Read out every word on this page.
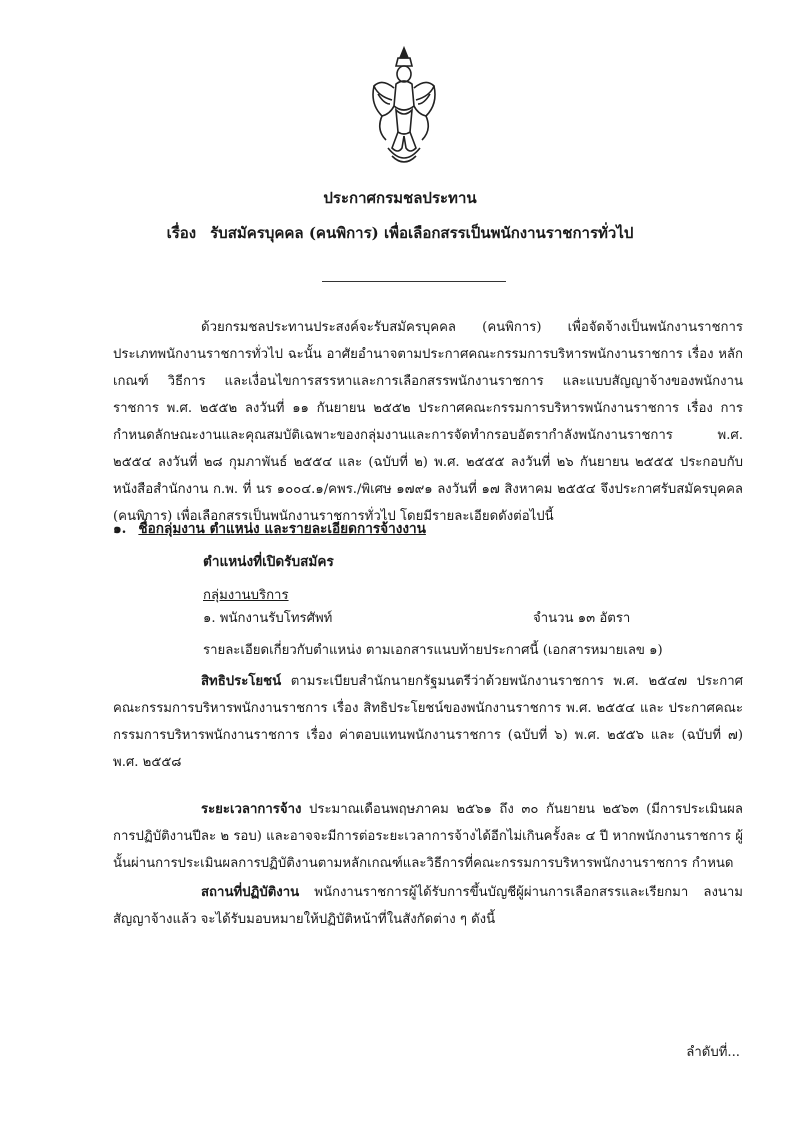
ประกาศกรมชลประทาน
เรื่อง รับสมัครบุคคล (คนพิการ) เพื่อเลือกสรรเป็นพนักงานราชการทั่วไป
ด้วยกรมชลประทานประสงค์จะรับสมัครบุคคล (คนพิการ) เพื่อจัดจ้างเป็นพนักงานราชการ ประเภทพนักงานราชการทั่วไป ฉะนั้น อาศัยอำนาจตามประกาศคณะกรรมการบริหารพนักงานราชการ เรื่อง หลักเกณฑ์ วิธีการ และเงื่อนไขการสรรหาและการเลือกสรรพนักงานราชการ และแบบสัญญาจ้างของพนักงานราชการ พ.ศ. ๒๕๕๒ ลงวันที่ ๑๑ กันยายน ๒๕๕๒ ประกาศคณะกรรมการบริหารพนักงานราชการ เรื่อง การกำหนดลักษณะงานและคุณสมบัติเฉพาะของกลุ่มงานและการจัดทำกรอบอัตรากำลังพนักงานราชการ พ.ศ. ๒๕๕๔ ลงวันที่ ๒๘ กุมภาพันธ์ ๒๕๕๔ และ (ฉบับที่ ๒) พ.ศ. ๒๕๕๕ ลงวันที่ ๒๖ กันยายน ๒๕๕๕ ประกอบกับหนังสือสำนักงาน ก.พ. ที่ นร ๑๐๐๔.๑/คพร./พิเศษ ๑๗๙๑ ลงวันที่ ๑๗ สิงหาคม ๒๕๕๔ จึงประกาศรับสมัครบุคคล (คนพิการ) เพื่อเลือกสรรเป็นพนักงานราชการทั่วไป โดยมีรายละเอียดดังต่อไปนี้
๑. ชื่อกลุ่มงาน ตำแหน่ง และรายละเอียดการจ้างงาน
ตำแหน่งที่เปิดรับสมัคร
กลุ่มงานบริการ
๑. พนักงานรับโทรศัพท์	จำนวน ๑๓ อัตรา
รายละเอียดเกี่ยวกับตำแหน่ง ตามเอกสารแนบท้ายประกาศนี้ (เอกสารหมายเลข ๑)
สิทธิประโยชน์ ตามระเบียบสำนักนายกรัฐมนตรีว่าด้วยพนักงานราชการ พ.ศ. ๒๕๔๗ ประกาศคณะกรรมการบริหารพนักงานราชการ เรื่อง สิทธิประโยชน์ของพนักงานราชการ พ.ศ. ๒๕๕๔ และ ประกาศคณะกรรมการบริหารพนักงานราชการ เรื่อง ค่าตอบแทนพนักงานราชการ (ฉบับที่ ๖) พ.ศ. ๒๕๕๖ และ (ฉบับที่ ๗) พ.ศ. ๒๕๕๘
ระยะเวลาการจ้าง ประมาณเดือนพฤษภาคม ๒๕๖๑ ถึง ๓๐ กันยายน ๒๕๖๓ (มีการประเมินผล การปฏิบัติงานปีละ ๒ รอบ) และอาจจะมีการต่อระยะเวลาการจ้างได้อีกไม่เกินครั้งละ ๔ ปี หากพนักงานราชการ ผู้นั้นผ่านการประเมินผลการปฏิบัติงานตามหลักเกณฑ์และวิธีการที่คณะกรรมการบริหารพนักงานราชการ กำหนด
สถานที่ปฏิบัติงาน พนักงานราชการผู้ได้รับการขึ้นบัญชีผู้ผ่านการเลือกสรรและเรียกมา ลงนามสัญญาจ้างแล้ว จะได้รับมอบหมายให้ปฏิบัติหน้าที่ในสังกัดต่าง ๆ ดังนี้
ลำดับที่...
